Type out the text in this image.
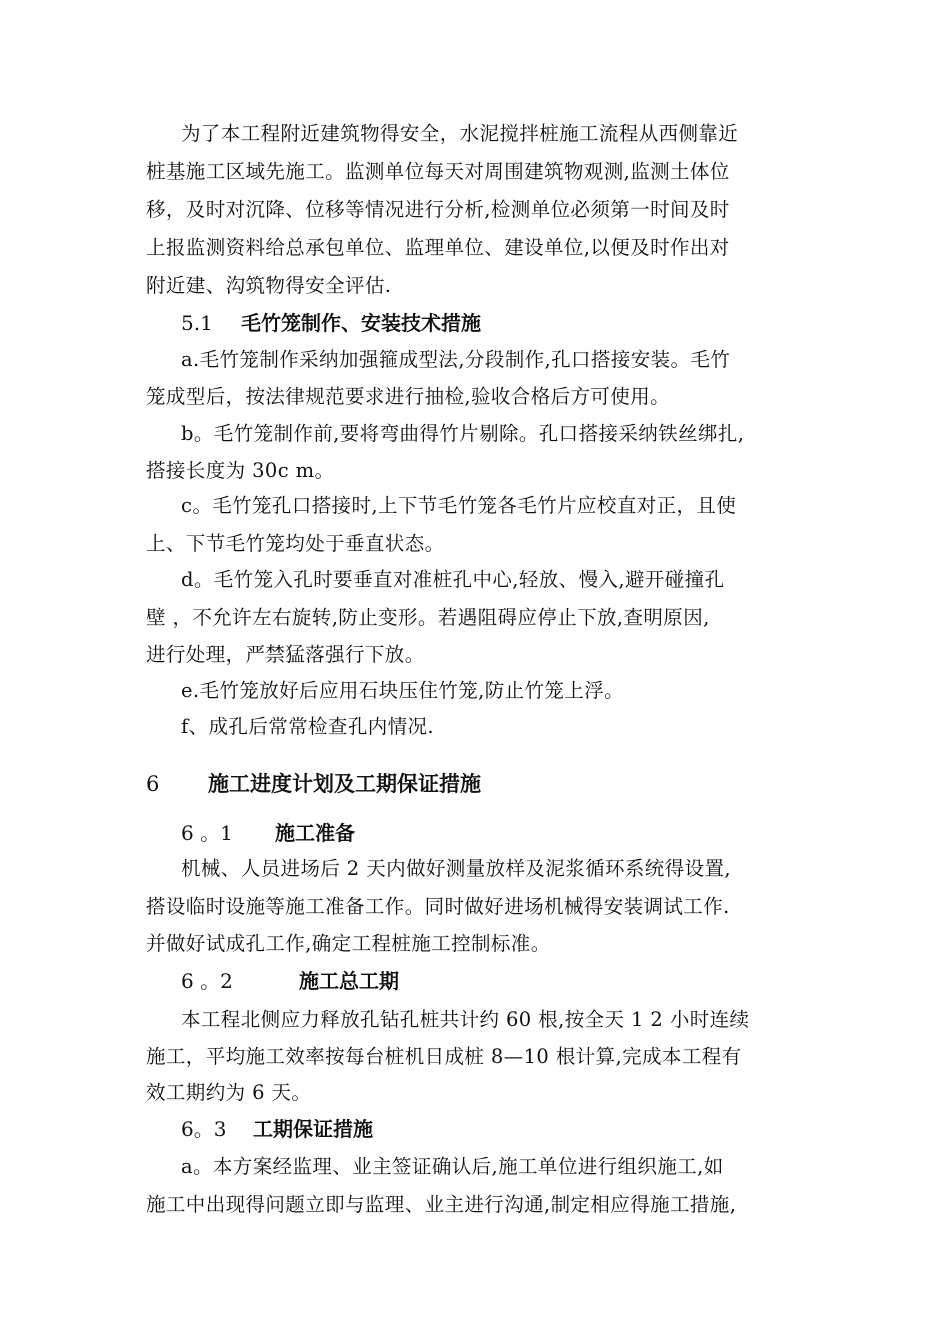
为了本工程附近建筑物得安全，水泥搅拌桩施工流程从西侧靠近
桩基施工区域先施工。监测单位每天对周围建筑物观测,监测土体位
移，及时对沉降、位移等情况进行分析,检测单位必须第一时间及时
上报监测资料给总承包单位、监理单位、建设单位,以便及时作出对
附近建、沟筑物得安全评估.
5.1 毛竹笼制作、安装技术措施
a.毛竹笼制作采纳加强箍成型法,分段制作,孔口搭接安装。毛竹
笼成型后，按法律规范要求进行抽检,验收合格后方可使用。
b。毛竹笼制作前,要将弯曲得竹片剔除。孔口搭接采纳铁丝绑扎,
搭接长度为 30c m。
c。毛竹笼孔口搭接时,上下节毛竹笼各毛竹片应校直对正，且使
上、下节毛竹笼均处于垂直状态。
d。毛竹笼入孔时要垂直对准桩孔中心,轻放、慢入,避开碰撞孔
壁 ，不允许左右旋转,防止变形。若遇阻碍应停止下放,查明原因,
进行处理，严禁猛落强行下放。
e.毛竹笼放好后应用石块压住竹笼,防止竹笼上浮。
f、成孔后常常检查孔内情况.
6 施工进度计划及工期保证措施
6 。1 施工准备
机械、人员进场后 2 天内做好测量放样及泥浆循环系统得设置,
搭设临时设施等施工准备工作。同时做好进场机械得安装调试工作.
并做好试成孔工作,确定工程桩施工控制标准。
6 。2	施工总工期
本工程北侧应力释放孔钻孔桩共计约 60 根,按全天 1 2 小时连续
施工，平均施工效率按每台桩机日成桩 8—10 根计算,完成本工程有
效工期约为 6 天。
6。3 工期保证措施
a。本方案经监理、业主签证确认后,施工单位进行组织施工,如
施工中出现得问题立即与监理、业主进行沟通,制定相应得施工措施,
